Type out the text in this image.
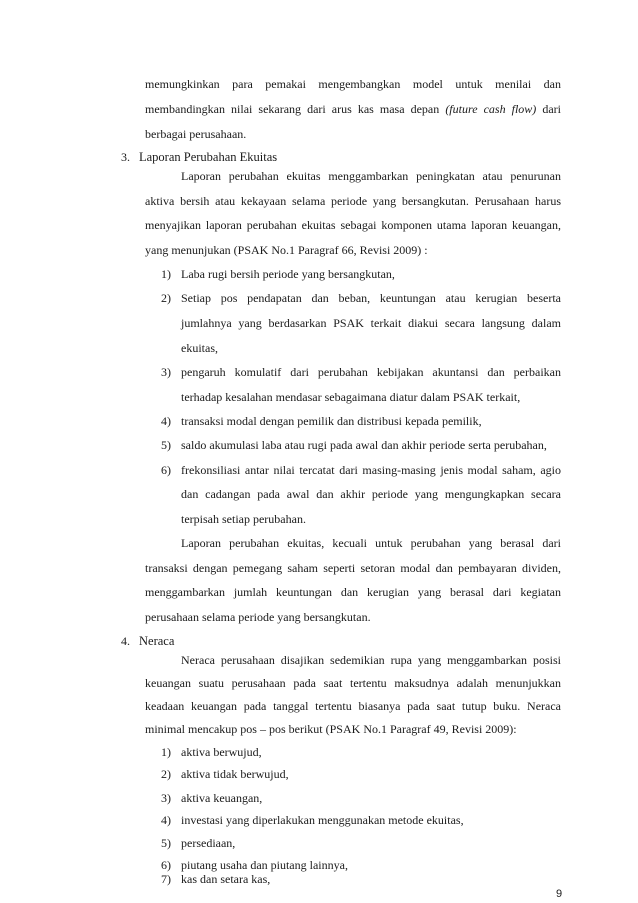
memungkinkan para pemakai mengembangkan model untuk menilai dan
membandingkan nilai sekarang dari arus kas masa depan (future cash flow) dari
berbagai perusahaan.
3. Laporan Perubahan Ekuitas
Laporan perubahan ekuitas menggambarkan peningkatan atau penurunan
aktiva bersih atau kekayaan selama periode yang bersangkutan. Perusahaan harus
menyajikan laporan perubahan ekuitas sebagai komponen utama laporan keuangan,
yang menunjukan (PSAK No.1 Paragraf 66, Revisi 2009) :
1) Laba rugi bersih periode yang bersangkutan,
2) Setiap pos pendapatan dan beban, keuntungan atau kerugian beserta
jumlahnya yang berdasarkan PSAK terkait diakui secara langsung dalam
ekuitas,
3) pengaruh komulatif dari perubahan kebijakan akuntansi dan perbaikan
terhadap kesalahan mendasar sebagaimana diatur dalam PSAK terkait,
4) transaksi modal dengan pemilik dan distribusi kepada pemilik,
5) saldo akumulasi laba atau rugi pada awal dan akhir periode serta perubahan,
6) frekonsiliasi antar nilai tercatat dari masing-masing jenis modal saham, agio
dan cadangan pada awal dan akhir periode yang mengungkapkan secara
terpisah setiap perubahan.
Laporan perubahan ekuitas, kecuali untuk perubahan yang berasal dari
transaksi dengan pemegang saham seperti setoran modal dan pembayaran dividen,
menggambarkan jumlah keuntungan dan kerugian yang berasal dari kegiatan
perusahaan selama periode yang bersangkutan.
4. Neraca
Neraca perusahaan disajikan sedemikian rupa yang menggambarkan posisi
keuangan suatu perusahaan pada saat tertentu maksudnya adalah menunjukkan
keadaan keuangan pada tanggal tertentu biasanya pada saat tutup buku. Neraca
minimal mencakup pos – pos berikut (PSAK No.1 Paragraf 49, Revisi 2009):
1) aktiva berwujud,
2) aktiva tidak berwujud,
3) aktiva keuangan,
4) investasi yang diperlakukan menggunakan metode ekuitas,
5) persediaan,
6) piutang usaha dan piutang lainnya,
9
7) kas dan setara kas,
